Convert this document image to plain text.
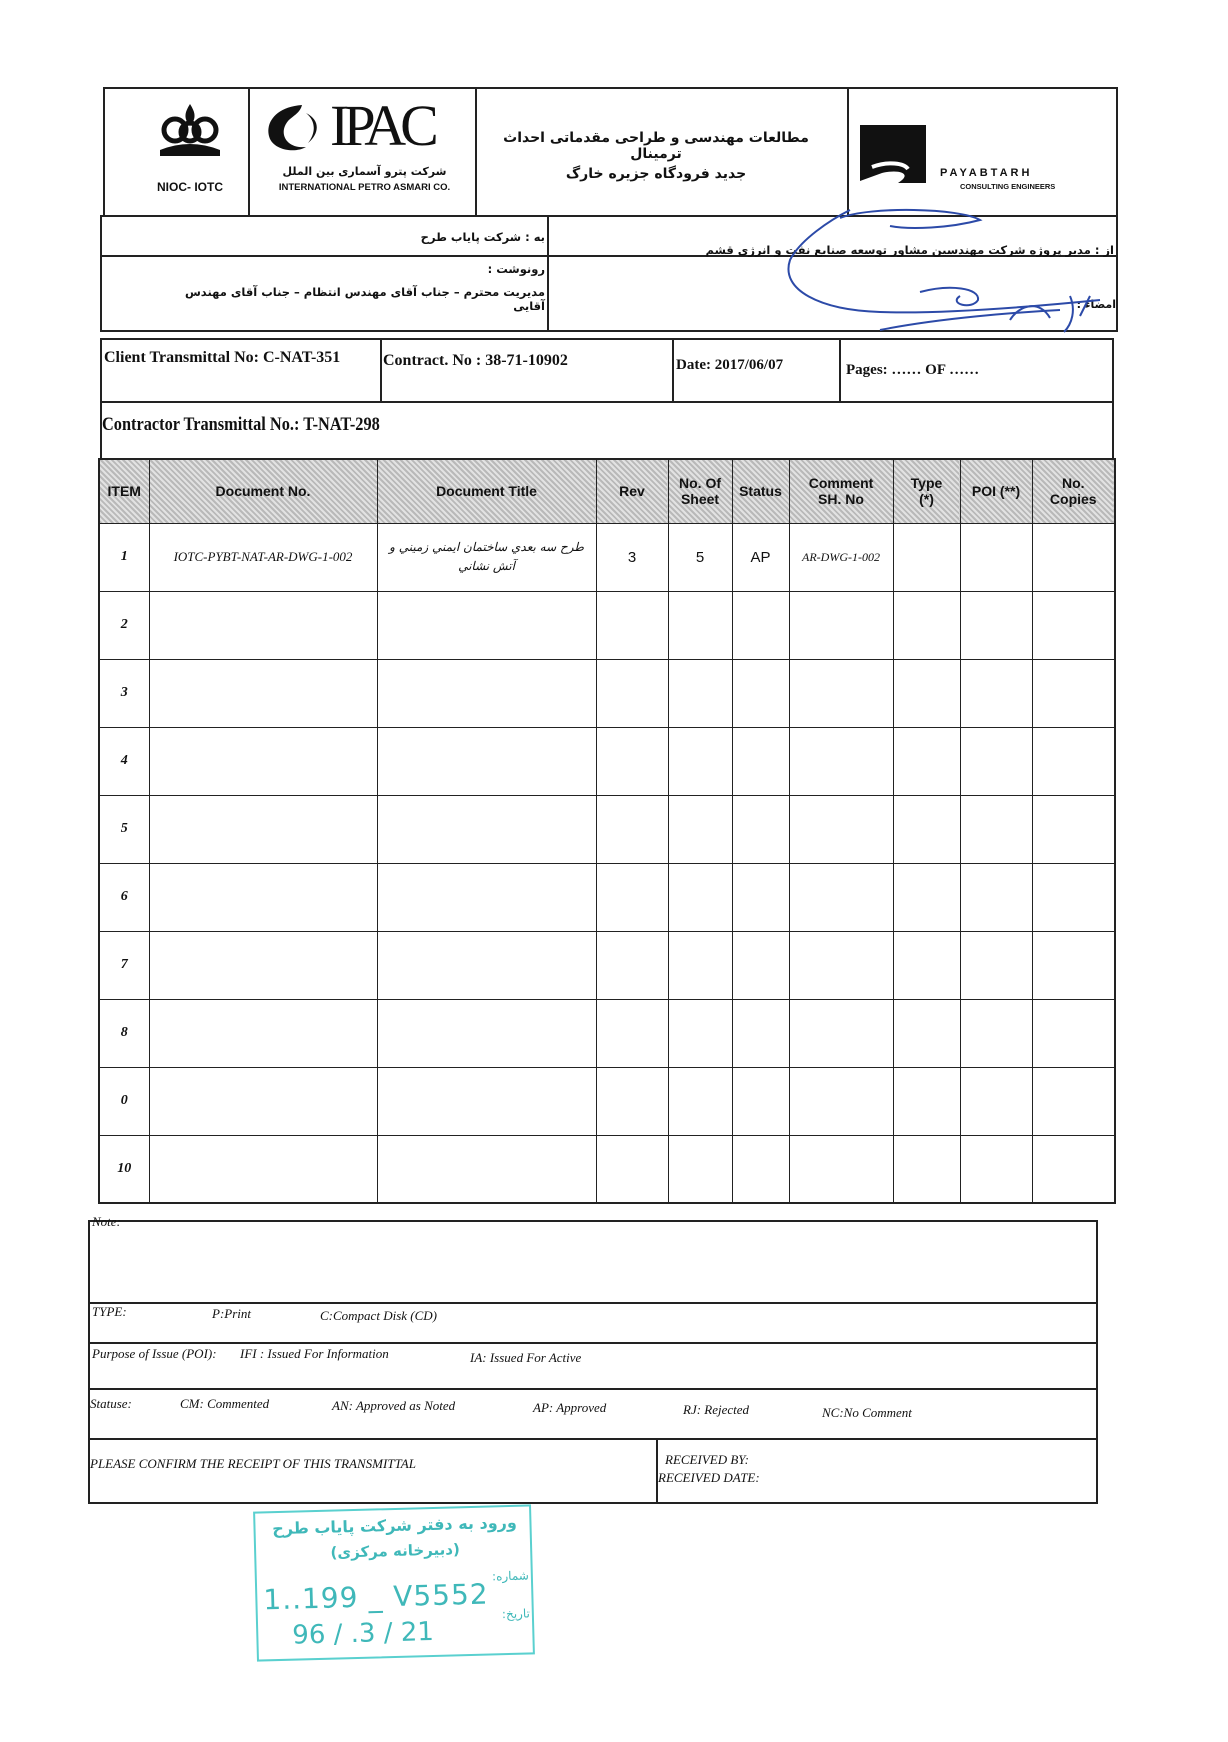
NIOC- IOTC
IPAC
شرکت پترو آسماری بین الملل
INTERNATIONAL PETRO ASMARI CO.
مطالعات مهندسی و طراحی مقدماتی احداث ترمینال
جدید فرودگاه جزیره خارگ	PAYABTARH
CONSULTING ENGINEERS
به : شرکت پایاب طرح
از : مدیر پروژه شرکت مهندسین مشاور توسعه صنایع نفت و انرژی قشم
رونوشت :
مدیریت محترم – جناب آقای مهندس انتظام – جناب آقای مهندس آقایی	امضاء :
Client Transmittal No: C-NAT-351	Contract. No : 38-71-10902	Date: 2017/06/07	Pages: …… OF ……
Contractor Transmittal No.: T-NAT-298
ITEM	Document No.	Document Title	Rev	No. Of Sheet	Status	Comment SH. No	Type (*)	POI (**)	No. Copies
1	IOTC-PYBT-NAT-AR-DWG-1-002	طرح سه بعدي ساختمان ايمني زميني و آتش نشاني	3	5	AP	AR-DWG-1-002			
2									
3									
4									
5									
6									
7									
8									
0									
10									
Note:
TYPE:	P:Print	C:Compact Disk (CD)
Purpose of Issue (POI): IFI : Issued For Information	IA: Issued For Active
Statuse:	CM: Commented	AN: Approved as Noted	AP: Approved	RJ: Rejected	NC:No Comment
PLEASE CONFIRM THE RECEIPT OF THIS TRANSMITTAL	RECEIVED BY:
RECEIVED DATE:
ورود به دفتر شرکت پایاب طرح
(دبیرخانه مرکزی)
شماره:
1..199 _ V5552	تاریخ:
96 / .3 / 21
